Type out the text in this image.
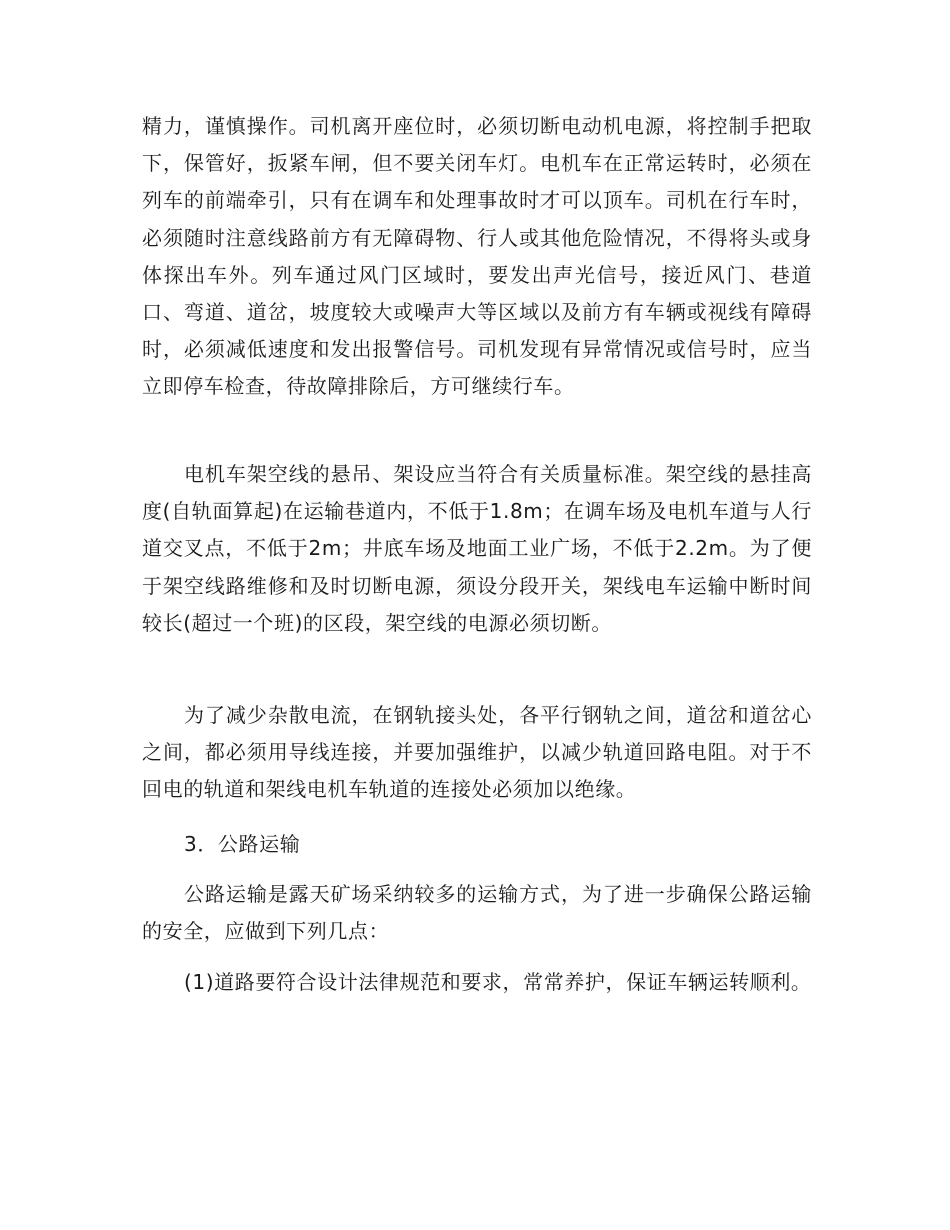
精力，谨慎操作。司机离开座位时，必须切断电动机电源，将控制手把取下，保管好，扳紧车闸，但不要关闭车灯。电机车在正常运转时，必须在列车的前端牵引，只有在调车和处理事故时才可以顶车。司机在行车时，必须随时注意线路前方有无障碍物、行人或其他危险情况，不得将头或身体探出车外。列车通过风门区域时，要发出声光信号，接近风门、巷道口、弯道、道岔，坡度较大或噪声大等区域以及前方有车辆或视线有障碍时，必须减低速度和发出报警信号。司机发现有异常情况或信号时，应当立即停车检查，待故障排除后，方可继续行车。

电机车架空线的悬吊、架设应当符合有关质量标准。架空线的悬挂高度(自轨面算起)在运输巷道内，不低于1.8m；在调车场及电机车道与人行道交叉点，不低于2m；井底车场及地面工业广场，不低于2.2m。为了便于架空线路维修和及时切断电源，须设分段开关，架线电车运输中断时间较长(超过一个班)的区段，架空线的电源必须切断。

为了减少杂散电流，在钢轨接头处，各平行钢轨之间，道岔和道岔心之间，都必须用导线连接，并要加强维护，以减少轨道回路电阻。对于不回电的轨道和架线电机车轨道的连接处必须加以绝缘。

3．公路运输

公路运输是露天矿场采纳较多的运输方式，为了进一步确保公路运输的安全，应做到下列几点：

(1)道路要符合设计法律规范和要求，常常养护，保证车辆运转顺利。
